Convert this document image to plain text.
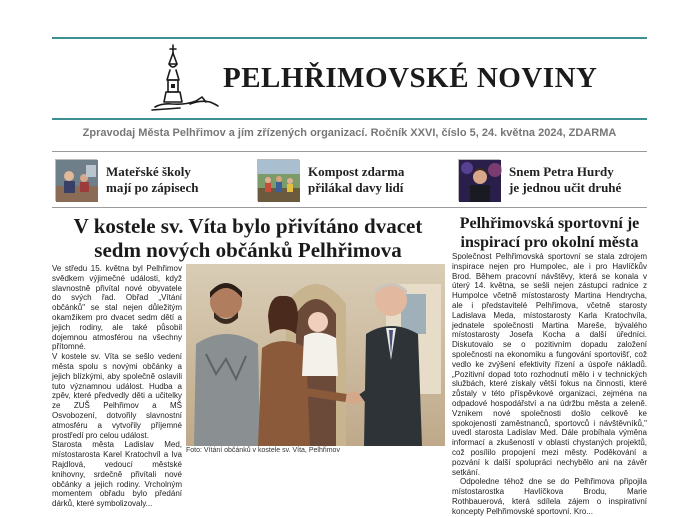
PELHŘIMOVSKÉ NOVINY
Zpravodaj Města Pelhřimov a jím zřízených organizací. Ročník XXVI, číslo 5, 24. května 2024, ZDARMA
Mateřské školy
mají po zápisech
Kompost zdarma
přilákal davy lidí
Snem Petra Hurdy
je jednou učit druhé
V kostele sv. Víta bylo přivítáno dvacet
sedm nových občánků Pelhřimova

Ve středu 15. května byl Pelhřimov svědkem výjimečné události, když slavnostně přivítal nové obyvatele do svých řad. Obřad „Vítání občánků" se stal nejen důležitým okamžikem pro dvacet sedm dětí a jejich rodiny, ale také působil dojemnou atmosférou na všechny přítomné.

V kostele sv. Víta se sešlo vedení města spolu s novými občánky a jejich blízkými, aby společně oslavili tuto významnou událost. Hudba a zpěv, které předvedly děti a učitelky ze ZUŠ Pelhřimov a MŠ Osvobození, dotvořily slavnostní atmosféru a vytvořily příjemné prostředí pro celou událost.

Starosta města Ladislav Med, místostarosta Karel Kratochvíl a Iva Rajdlová, vedoucí městské knihovny, srdečně přivítali nové občánky a jejich rodiny. Vrcholným momentem obřadu bylo předání dárků, které symbolizovaly...

Foto: Vítání občánků v kostele sv. Víta, Pelhřimov
Pelhřimovská sportovní je
inspirací pro okolní města

Společnost Pelhřimovská sportovní se stala zdrojem inspirace nejen pro Humpolec, ale i pro Havlíčkův Brod. Během pracovní návštěvy, která se konala v úterý 14. května, se sešli nejen zástupci radnice z Humpolce včetně místostarosty Martina Hendrycha, ale i představitelé Pelhřimova, včetně starosty Ladislava Meda, místostarosty Karla Kratochvíla, jednatele společnosti Martina Mareše, bývalého místostarosty Josefa Kocha a další úředníci. Diskutovalo se o pozitivním dopadu založení společnosti na ekonomiku a fungování sportovišť, což vedlo ke zvýšení efektivity řízení a úspoře nákladů. „Pozitivní dopad toto rozhodnutí mělo i v technických službách, které získaly větší fokus na činnosti, které zůstaly v této příspěvkové organizaci, zejména na odpadové hospodářství a na údržbu města a zeleně. Vznikem nové společnosti došlo celkově ke spokojenosti zaměstnanců, sportovců i návštěvníků," uvedl starosta Ladislav Med. Dále probíhala výměna informací a zkušeností v oblasti chystaných projektů, což posílilo propojení mezi městy. Poděkování a pozvání k další spolupráci nechybělo ani na závěr setkání.

Odpoledne téhož dne se do Pelhřimova připojila místostarostka Havlíčkova Brodu, Marie Rothbauerová, která sdílela zájem o inspirativní koncepty Pelhřimovské sportovní. Kro...
